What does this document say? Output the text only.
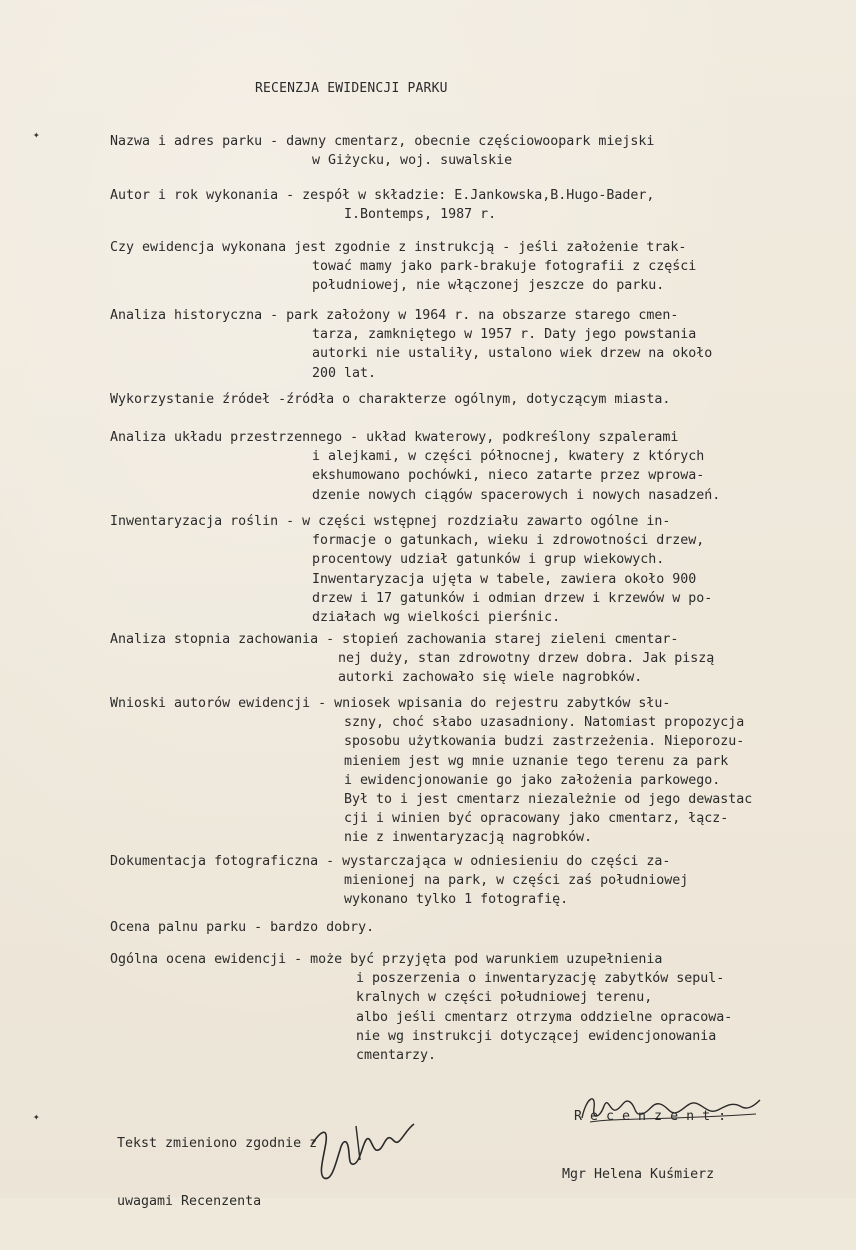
RECENZJA EWIDENCJI PARKU
Nazwa i adres parku - dawny cmentarz, obecnie częściowoopark miejski
w Giżycku, woj. suwalskie
Autor i rok wykonania - zespół w składzie: E.Jankowska,B.Hugo-Bader,
I.Bontemps, 1987 r.
Czy ewidencja wykonana jest zgodnie z instrukcją - jeśli założenie trak-
tować mamy jako park-brakuje fotografii z części
południowej, nie włączonej jeszcze do parku.
Analiza historyczna - park założony w 1964 r. na obszarze starego cmen-
tarza, zamkniętego w 1957 r. Daty jego powstania
autorki nie ustaliły, ustalono wiek drzew na około
200 lat.
Wykorzystanie źródeł -źródła o charakterze ogólnym, dotyczącym miasta.
Analiza układu przestrzennego - układ kwaterowy, podkreślony szpalerami
i alejkami, w części północnej, kwatery z których
ekshumowano pochówki, nieco zatarte przez wprowa-
dzenie nowych ciągów spacerowych i nowych nasadzeń.
Inwentaryzacja roślin - w części wstępnej rozdziału zawarto ogólne in-
formacje o gatunkach, wieku i zdrowotności drzew,
procentowy udział gatunków i grup wiekowych.
Inwentaryzacja ujęta w tabele, zawiera około 900
drzew i 17 gatunków i odmian drzew i krzewów w po-
działach wg wielkości pierśnic.
Analiza stopnia zachowania - stopień zachowania starej zieleni cmentar-
nej duży, stan zdrowotny drzew dobra. Jak piszą
autorki zachowało się wiele nagrobków.
Wnioski autorów ewidencji - wniosek wpisania do rejestru zabytków słu-
szny, choć słabo uzasadniony. Natomiast propozycja
sposobu użytkowania budzi zastrzeżenia. Nieporozu-
mieniem jest wg mnie uznanie tego terenu za park
i ewidencjonowanie go jako założenia parkowego.
Był to i jest cmentarz niezależnie od jego dewastac
cji i winien być opracowany jako cmentarz, łącz-
nie z inwentaryzacją nagrobków.
Dokumentacja fotograficzna - wystarczająca w odniesieniu do części za-
mienionej na park, w części zaś południowej
wykonano tylko 1 fotografię.
Ocena palnu parku - bardzo dobry.
Ogólna ocena ewidencji - może być przyjęta pod warunkiem uzupełnienia
i poszerzenia o inwentaryzację zabytków sepul-
kralnych w części południowej terenu,
albo jeśli cmentarz otrzyma oddzielne opracowa-
nie wg instrukcji dotyczącej ewidencjonowania
cmentarzy.
✦
✦

Tekst zmieniono zgodnie z

uwagami Recenzenta

R e c e n z e n t :

Mgr Helena Kuśmierz
